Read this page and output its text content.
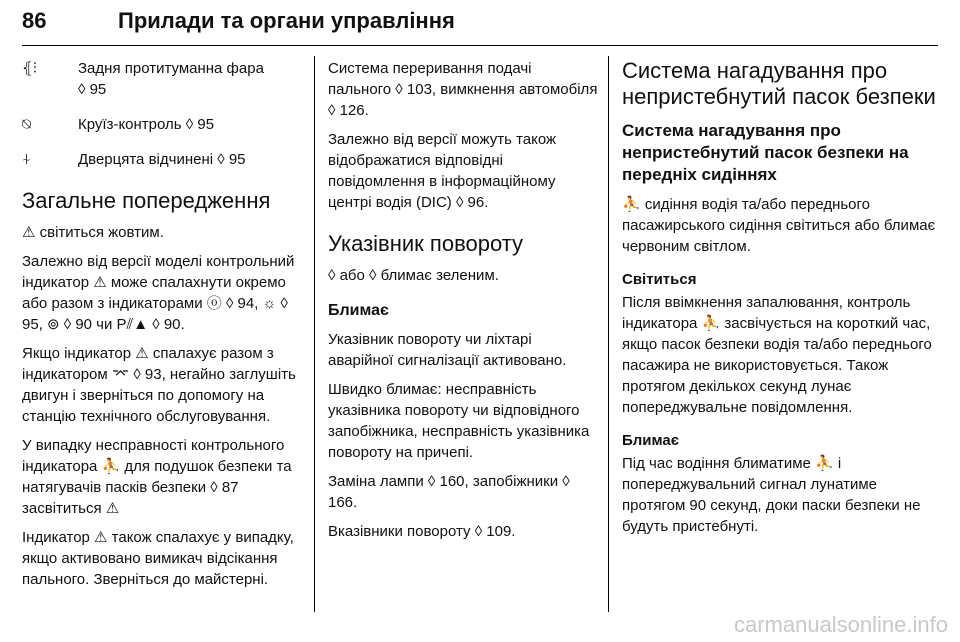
86	Прилади та органи управління
⦃⫶	Задня протитуманна фара
◊ 95
⍉	Круїз-контроль ◊ 95
⍭	Дверцята відчинені ◊ 95
Загальне попередження

⚠ світиться жовтим.

Залежно від версії моделі контрольний індикатор ⚠ може спалахнути окремо або разом з індикаторами ⓞ ◊ 94, ☼ ◊ 95, ⊚ ◊ 90 чи P⫽▲ ◊ 90.

Якщо індикатор ⚠ спалахує разом з індикатором ⌤ ◊ 93, негайно заглушіть двигун і зверніться по допомогу на станцію технічного обслуговування.

У випадку несправності контрольного індикатора ⛹ для подушок безпеки та натягувачів пасків безпеки ◊ 87 засвітиться ⚠

Індикатор ⚠ також спалахує у випадку, якщо активовано вимикач відсікання пального. Зверніться до майстерні.

Система переривання подачі пального ◊ 103, вимкнення автомобіля ◊ 126.

Залежно від версії можуть також відображатися відповідні повідомлення в інформаційному центрі водія (DIC) ◊ 96.

Указівник повороту

◊ або ◊ блимає зеленим.

Блимає

Указівник повороту чи ліхтарі аварійної сигналізації активовано.

Швидко блимає: несправність указівника повороту чи відповідного запобіжника, несправність указівника повороту на причепі.

Заміна лампи ◊ 160, запобіжники ◊ 166.

Вказівники повороту ◊ 109.

Система нагадування про непристебнутий пасок безпеки
Система нагадування про непристебнутий пасок безпеки на передніх сидіннях

⛹ сидіння водія та/або переднього пасажирського сидіння світиться або блимає червоним світлом.

Світиться

Після ввімкнення запалювання, контроль індикатора ⛹ засвічується на короткий час, якщо пасок безпеки водія та/або переднього пасажира не використовується. Також протягом декількох секунд лунає попереджувальне повідомлення.

Блимає

Під час водіння блиматиме ⛹ і попереджувальний сигнал лунатиме протягом 90 секунд, доки паски безпеки не будуть пристебнуті.

carmanualsonline.info
